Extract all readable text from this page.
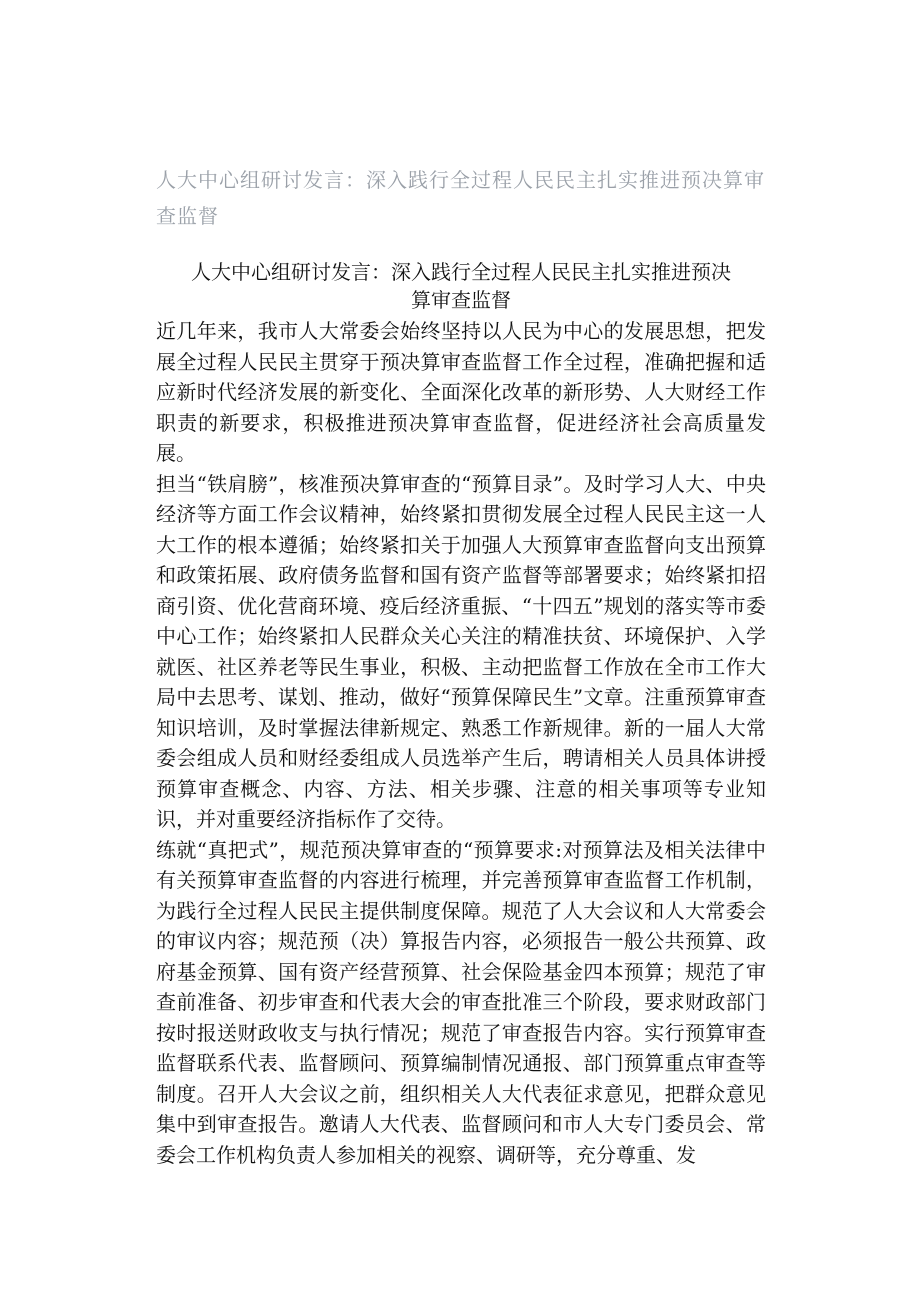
人大中心组研讨发言：深入践行全过程人民民主扎实推进预决算审查监督
人大中心组研讨发言：深入践行全过程人民民主扎实推进预决
算审查监督

近几年来，我市人大常委会始终坚持以人民为中心的发展思想，把发展全过程人民民主贯穿于预决算审查监督工作全过程，准确把握和适应新时代经济发展的新变化、全面深化改革的新形势、人大财经工作职责的新要求，积极推进预决算审查监督，促进经济社会高质量发展。

担当“铁肩膀”，核准预决算审查的“预算目录”。及时学习人大、中央经济等方面工作会议精神，始终紧扣贯彻发展全过程人民民主这一人大工作的根本遵循；始终紧扣关于加强人大预算审查监督向支出预算和政策拓展、政府债务监督和国有资产监督等部署要求；始终紧扣招商引资、优化营商环境、疫后经济重振、“十四五”规划的落实等市委中心工作；始终紧扣人民群众关心关注的精准扶贫、环境保护、入学就医、社区养老等民生事业，积极、主动把监督工作放在全市工作大局中去思考、谋划、推动，做好“预算保障民生”文章。注重预算审查知识培训，及时掌握法律新规定、熟悉工作新规律。新的一届人大常委会组成人员和财经委组成人员选举产生后，聘请相关人员具体讲授预算审查概念、内容、方法、相关步骤、注意的相关事项等专业知识，并对重要经济指标作了交待。

练就“真把式”，规范预决算审查的“预算要求:对预算法及相关法律中有关预算审查监督的内容进行梳理，并完善预算审查监督工作机制，为践行全过程人民民主提供制度保障。规范了人大会议和人大常委会的审议内容；规范预（决）算报告内容，必须报告一般公共预算、政府基金预算、国有资产经营预算、社会保险基金四本预算；规范了审查前准备、初步审查和代表大会的审查批准三个阶段，要求财政部门按时报送财政收支与执行情况；规范了审查报告内容。实行预算审查监督联系代表、监督顾问、预算编制情况通报、部门预算重点审查等制度。召开人大会议之前，组织相关人大代表征求意见，把群众意见集中到审查报告。邀请人大代表、监督顾问和市人大专门委员会、常委会工作机构负责人参加相关的视察、调研等，充分尊重、发
